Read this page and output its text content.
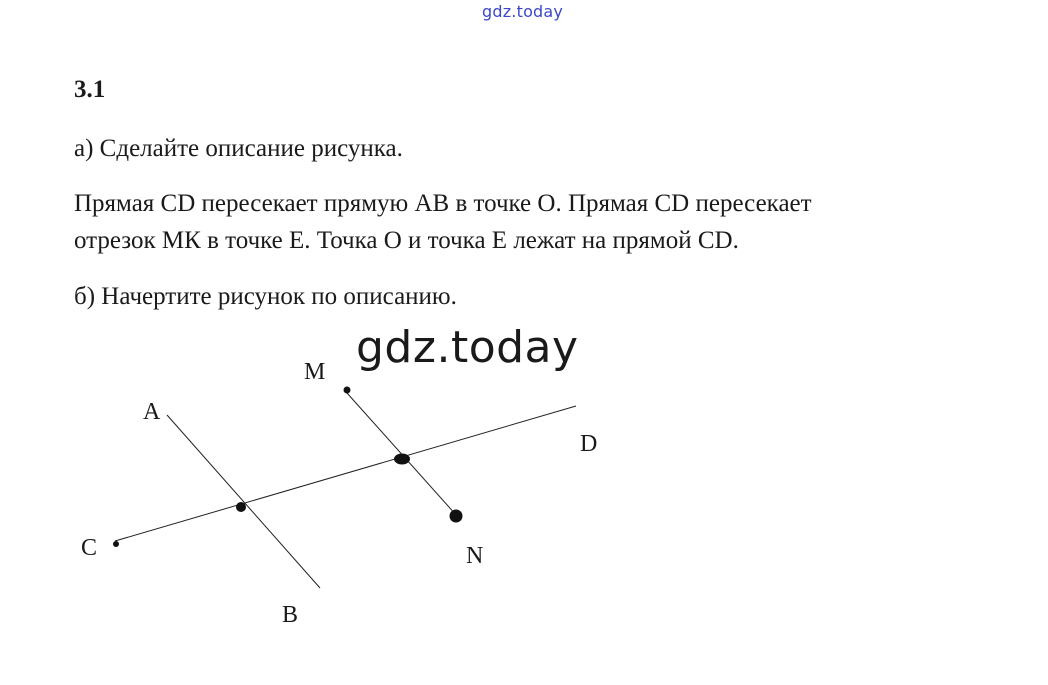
gdz.today
3.1
а) Сделайте описание рисунка.
Прямая CD пересекает прямую AB в точке О. Прямая CD пересекает
отрезок МК в точке Е. Точка О и точка Е лежат на прямой CD.
б) Начертите рисунок по описанию.
M
A
D
C	N
B
gdz.today
